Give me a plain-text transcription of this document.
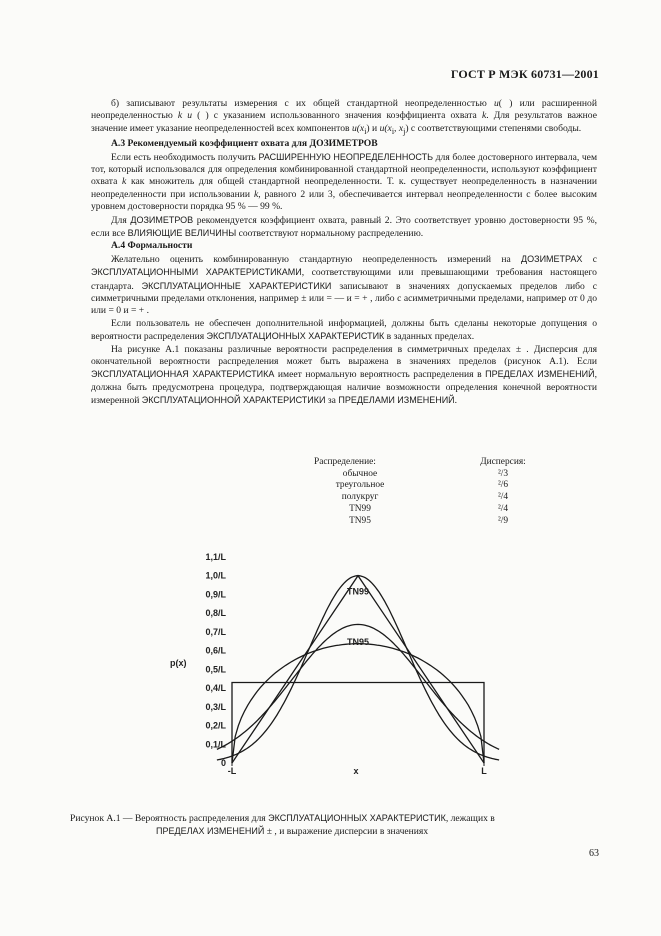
ГОСТ Р МЭК 60731—2001

б) записывают результаты измерения с их общей стандартной неопределенностью u( ) или расширенной неопределенностью k u ( ) с указанием использованного значения коэффициента охвата k. Для результатов важное значение имеет указание неопределенностей всех компонентов $u(x_i)$ и $u(x_i$, $x_j$) с соответствующими степенями свободы.

А.3 Рекомендуемый коэффициент охвата для ДОЗИМЕТРОВ

Если есть необходимость получить РАСШИРЕННУЮ НЕОПРЕДЕЛЕННОСТЬ для более достоверного интервала, чем тот, который использовался для определения комбинированной стандартной неопределенности, используют коэффициент охвата k как множитель для общей стандартной неопределенности. Т. к. существует неопределенность в назначении неопределенности при использовании k, равного 2 или 3, обеспечивается интервал неопределенности с более высоким уровнем достоверности порядка 95 % — 99 %.

Для ДОЗИМЕТРОВ рекомендуется коэффициент охвата, равный 2. Это соответствует уровню достоверности 95 %, если все ВЛИЯЮЩИЕ ВЕЛИЧИНЫ соответствуют нормальному распределению.

А.4 Формальности

Желательно оценить комбинированную стандартную неопределенность измерений на ДОЗИМЕТРАХ с ЭКСПЛУАТАЦИОННЫМИ ХАРАКТЕРИСТИКАМИ, соответствующими или превышающими требования настоящего стандарта. ЭКСПЛУАТАЦИОННЫЕ ХАРАКТЕРИСТИКИ записывают в значениях допускаемых пределов либо с симметричными пределами отклонения, например ± или = — и = + , либо с асимметричными пределами, например от 0 до или = 0 и = + .

Если пользователь не обеспечен дополнительной информацией, должны быть сделаны некоторые допущения о вероятности распределения ЭКСПЛУАТАЦИОННЫХ ХАРАКТЕРИСТИК в заданных пределах.

На рисунке А.1 показаны различные вероятности распределения в симметричных пределах ± . Дисперсия для окончательной вероятности распределения может быть выражена в значениях пределов (рисунок А.1). Если ЭКСПЛУАТАЦИОННАЯ ХАРАКТЕРИСТИКА имеет нормальную вероятность распределения в ПРЕДЕЛАХ ИЗМЕНЕНИЙ, должна быть предусмотрена процедура, подтверждающая наличие возможности определения конечной вероятности измеренной ЭКСПЛУАТАЦИОННОЙ ХАРАКТЕРИСТИКИ за ПРЕДЕЛАМИ ИЗМЕНЕНИЙ.

Распределение:
обычное
треугольное
полукруг
TN99
TN95
Дисперсия:
²/3
²/6
²/4
²/4
²/9
0
0,1/L
0,2/L
0,3/L
0,4/L
0,5/L
0,6/L
0,7/L
0,8/L
0,9/L
1,0/L
1,1/L
TN99
TN95
p(x)
x
-L	L
Рисунок А.1 — Вероятность распределения для ЭКСПЛУАТАЦИОННЫХ ХАРАКТЕРИСТИК, лежащих в
ПРЕДЕЛАХ ИЗМЕНЕНИЙ ± , и выражение дисперсии в значениях
63
